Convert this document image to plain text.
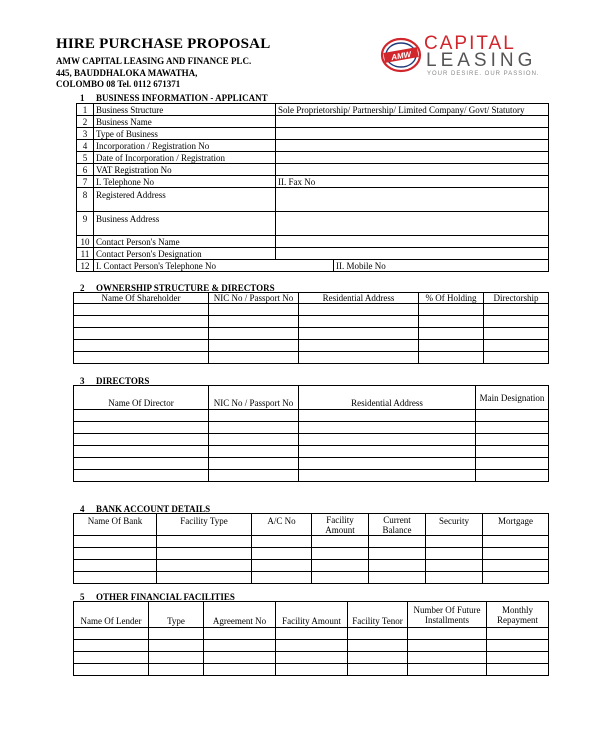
HIRE PURCHASE PROPOSAL
AMW CAPITAL LEASING AND FINANCE PLC.
445, BAUDDHALOKA MAWATHA,
COLOMBO 08 Tel. 0112 671371
AMW
CAPITAL
LEASING
YOUR DESIRE. OUR PASSION.
1 BUSINESS INFORMATION - APPLICANT
1	Business Structure	Sole Proprietorship/ Partnership/ Limited Company/ Govt/ Statutory	
2	Business Name		
3	Type of Business		
4	Incorporation / Registration No		
5	Date of Incorporation / Registration		
6	VAT Registration No		
7	I. Telephone No	II. Fax No	
8	Registered Address		
9	Business Address		
10	Contact Person's Name		
11	Contact Person's Designation		
12	I. Contact Person's Telephone No		II. Mobile No
2 OWNERSHIP STRUCTURE & DIRECTORS
Name Of Shareholder	NIC No / Passport No	Residential Address	% Of Holding	Directorship

3 DIRECTORS
Name Of Director	NIC No / Passport No	Residential Address	Main Designation

4 BANK ACCOUNT DETAILS
Name Of Bank	Facility Type	A/C No	Facility Amount	Current Balance	Security	Mortgage

5 OTHER FINANCIAL FACILITIES
Name Of Lender	Type	Agreement No	Facility Amount	Facility Tenor	Number Of Future Installments	Monthly Repayment
